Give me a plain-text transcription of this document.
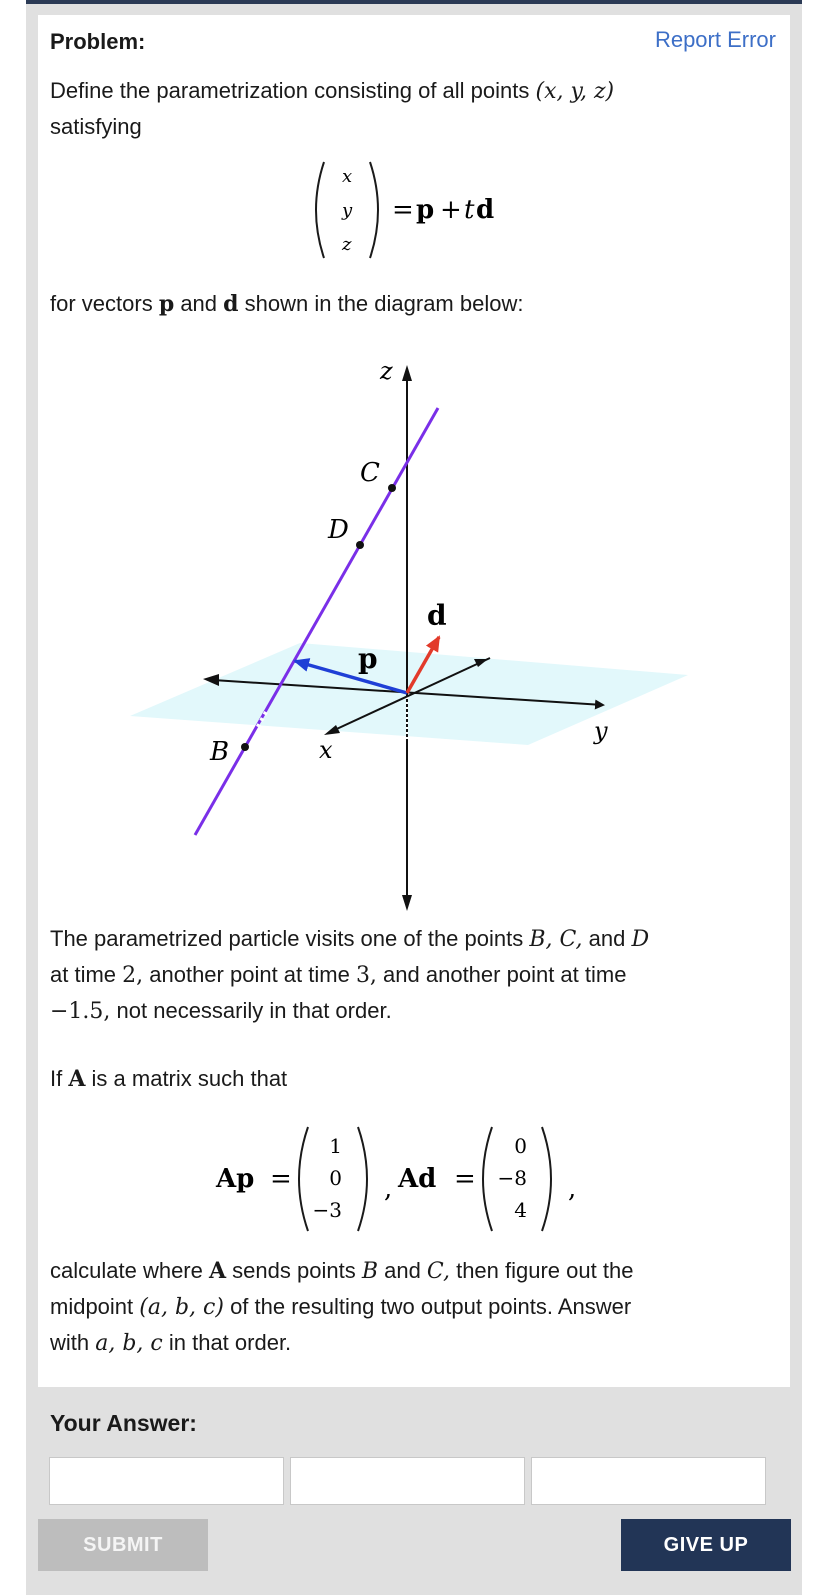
Problem:	Report Error
Define the parametrization consisting of all points (x, y, z)
satisfying
x
y
z
= p + t d
for vectors p and d shown in the diagram below:
z
y
x
B
C
D
p
d
The parametrized particle visits one of the points B, C, and D
at time 2, another point at time 3, and another point at time
−1.5, not necessarily in that order.
If A is a matrix such that
Ap =
1
0
−3
, Ad =
0
−8
4
,
calculate where A sends points B and C, then figure out the
midpoint (a, b, c) of the resulting two output points. Answer
with a, b, c in that order.
Your Answer:
SUBMIT	GIVE UP
